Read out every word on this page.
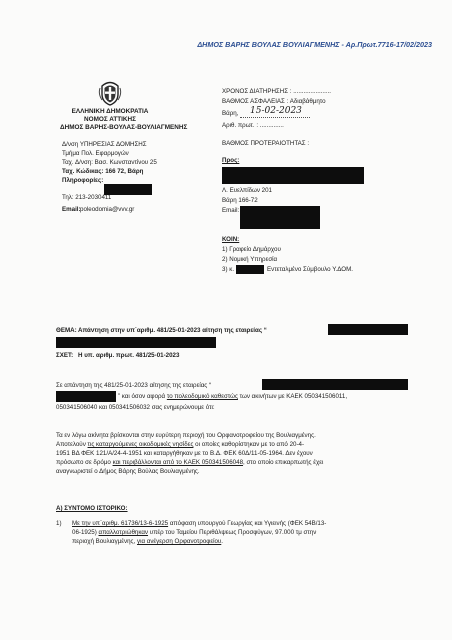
ΔΗΜΟΣ ΒΑΡΗΣ ΒΟΥΛΑΣ ΒΟΥΛΙΑΓΜΕΝΗΣ - Αρ.Πρωτ.7716-17/02/2023
ΕΛΛΗΝΙΚΗ ΔΗΜΟΚΡΑΤΙΑ
ΝΟΜΟΣ ΑΤΤΙΚΗΣ
ΔΗΜΟΣ ΒΑΡΗΣ-ΒΟΥΛΑΣ-ΒΟΥΛΙΑΓΜΕΝΗΣ
Δ/νση ΥΠΗΡΕΣΙΑΣ ΔΟΜΗΣΗΣ
Τμήμα Πολ. Εφαρμογών
Ταχ. Δ/νση: Βασ. Κωνσταντίνου 25
Ταχ. Κώδικας: 166 72, Βάρη
Πληροφορίες:
Τηλ: 213-2030411
Email: poleodomia@vvv.gr
ΧΡΟΝΟΣ ΔΙΑΤΗΡΗΣΗΣ : ......................
ΒΑΘΜΟΣ ΑΣΦΑΛΕΙΑΣ : Αδιαβάθμητο
Βάρη, 15-02-2023
Αριθ. πρωτ. : ..............
ΒΑΘΜΟΣ ΠΡΟΤΕΡΑΙΟΤΗΤΑΣ :
Προς:
Λ. Ευελπίδων 201
Βάρη 166-72
Email:
ΚΟΙΝ:
1) Γραφείο Δημάρχου
2) Νομική Υπηρεσία
3) κ.	Εντεταλμένο Σύμβουλο Υ.ΔΟΜ.
ΘΕΜΑ: Απάντηση στην υπ΄αριθμ. 481/25-01-2023 αίτηση της εταιρείας “
ΣΧΕΤ: Η υπ. αριθμ. πρωτ. 481/25-01-2023
Σε απάντηση της 481/25-01-2023 αίτησης της εταιρείας “
” και όσον αφορά το πολεοδομικό καθεστώς των ακινήτων με ΚΑΕΚ 050341506011,
050341506040 και 050341506032 σας ενημερώνουμε ότι:
Τα εν λόγω ακίνητα βρίσκονται στην ευρύτερη περιοχή του Ορφανοτροφείου της Βουλιαγμένης.
Αποτελούν τις καταργούμενες οικοδομικές νησίδες οι οποίες καθορίστηκαν με το από 20-4-
1951 ΒΔ ΦΕΚ 121/Α/24-4-1951 και καταργήθηκαν με το Β.Δ. ΦΕΚ 60Δ/11-05-1964. Δεν έχουν
πρόσωπο σε δρόμο και περιβάλλονται από το ΚΑΕΚ 050341506048, στο οποίο επικαρπωτής έχει
αναγνωριστεί ο Δήμος Βάρης Βούλας Βουλιαγμένης.
Α) ΣΥΝΤΟΜΟ ΙΣΤΟΡΙΚΟ:
1) Με την υπ΄αριθμ. 61736/13-6-1925 απόφαση υπουργού Γεωργίας και Υγιεινής (ΦΕΚ 54Β/13-
06-1925) απαλλοτριώθηκαν υπέρ του Ταμείου Περιθάλψεως Προσφύγων, 97.000 τμ στην
περιοχή Βουλιαγμένης, για ανέγερση Ορφανοτροφείου.
